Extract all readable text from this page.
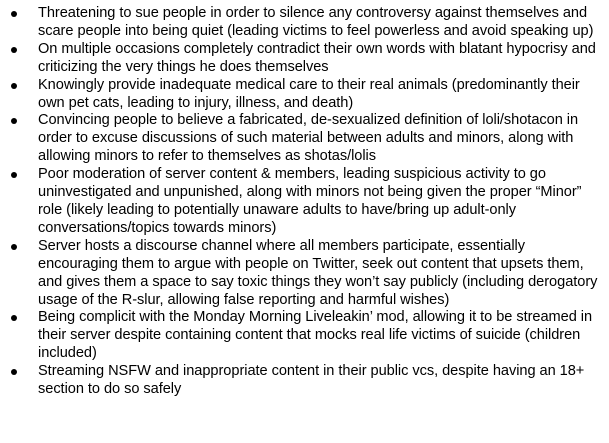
Threatening to sue people in order to silence any controversy against themselves and scare people into being quiet (leading victims to feel powerless and avoid speaking up)
On multiple occasions completely contradict their own words with blatant hypocrisy and criticizing the very things he does themselves
Knowingly provide inadequate medical care to their real animals (predominantly their own pet cats, leading to injury, illness, and death)
Convincing people to believe a fabricated, de-sexualized definition of loli/shotacon in order to excuse discussions of such material between adults and minors, along with allowing minors to refer to themselves as shotas/lolis
Poor moderation of server content & members, leading suspicious activity to go uninvestigated and unpunished, along with minors not being given the proper “Minor” role (likely leading to potentially unaware adults to have/bring up adult-only conversations/topics towards minors)
Server hosts a discourse channel where all members participate, essentially encouraging them to argue with people on Twitter, seek out content that upsets them, and gives them a space to say toxic things they won’t say publicly (including derogatory usage of the R-slur, allowing false reporting and harmful wishes)
Being complicit with the Monday Morning Liveleakin’ mod, allowing it to be streamed in their server despite containing content that mocks real life victims of suicide (children included)
Streaming NSFW and inappropriate content in their public vcs, despite having an 18+ section to do so safely
